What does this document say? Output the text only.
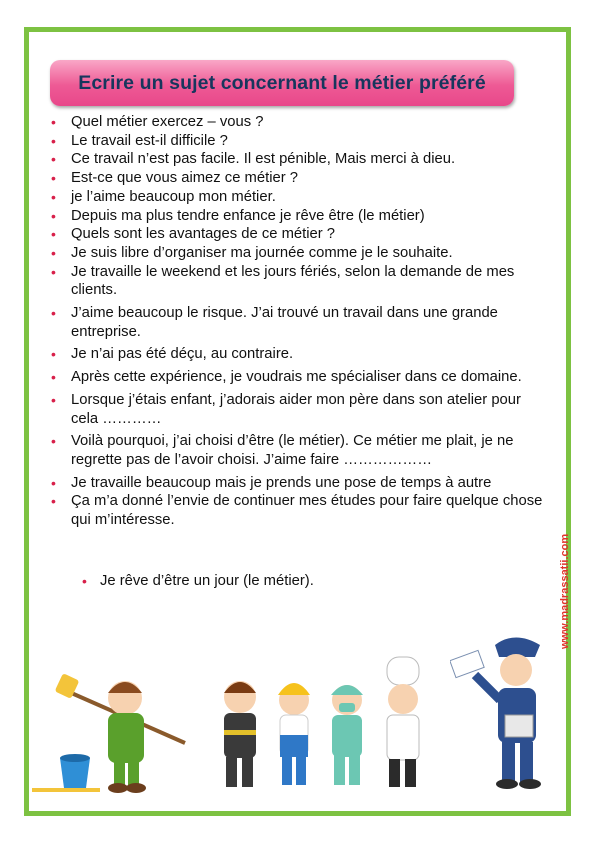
Ecrire un sujet concernant le métier préféré
• Quel métier exercez – vous ?
• Le travail est-il difficile ?
• Ce travail n’est pas facile. Il est pénible, Mais merci à dieu.
• Est-ce que vous aimez ce métier ?
• je l’aime beaucoup mon métier.
• Depuis ma plus tendre enfance je rêve être (le métier)
• Quels sont les avantages de ce métier ?
• Je suis libre d’organiser ma journée comme je le souhaite.
• Je travaille le weekend et les jours fériés, selon la demande de mes clients.
• J’aime beaucoup le risque. J’ai trouvé un travail dans une grande entreprise.
• Je n’ai pas été déçu, au contraire.
• Après cette expérience, je voudrais me spécialiser dans ce domaine.
• Lorsque j’étais enfant, j’adorais aider mon père dans son atelier pour cela …………
• Voilà pourquoi, j’ai choisi d’être (le métier). Ce métier me plait, je ne regrette pas de l’avoir choisi. J’aime faire ………………
• Je travaille beaucoup mais je prends une pose de temps à autre
• Ça m’a donné l’envie de continuer mes études pour faire quelque chose qui m’intéresse.
• Je rêve d’être un jour (le métier).	www.madrassatii.com
